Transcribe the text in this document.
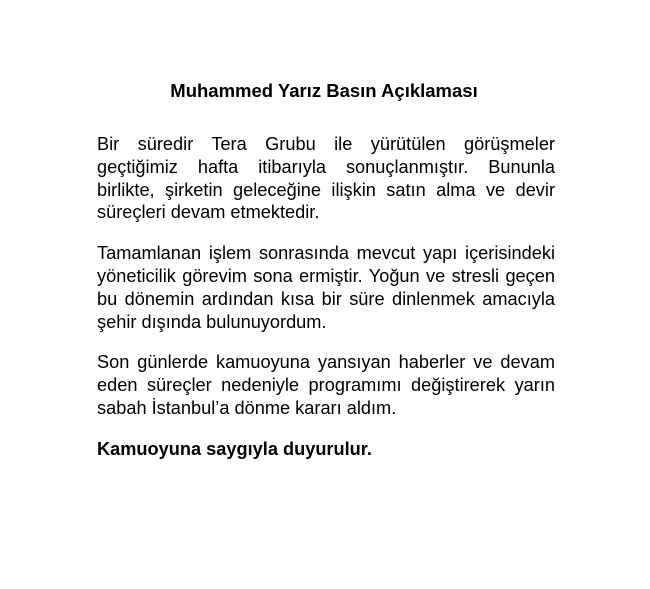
Muhammed Yarız Basın Açıklaması

Bir süredir Tera Grubu ile yürütülen görüşmeler geçtiğimiz hafta itibarıyla sonuçlanmıştır. Bununla birlikte, şirketin geleceğine ilişkin satın alma ve devir süreçleri devam etmektedir.

Tamamlanan işlem sonrasında mevcut yapı içerisindeki yöneticilik görevim sona ermiştir. Yoğun ve stresli geçen bu dönemin ardından kısa bir süre dinlenmek amacıyla şehir dışında bulunuyordum.

Son günlerde kamuoyuna yansıyan haberler ve devam eden süreçler nedeniyle programımı değiştirerek yarın sabah İstanbul’a dönme kararı aldım.

Kamuoyuna saygıyla duyurulur.
